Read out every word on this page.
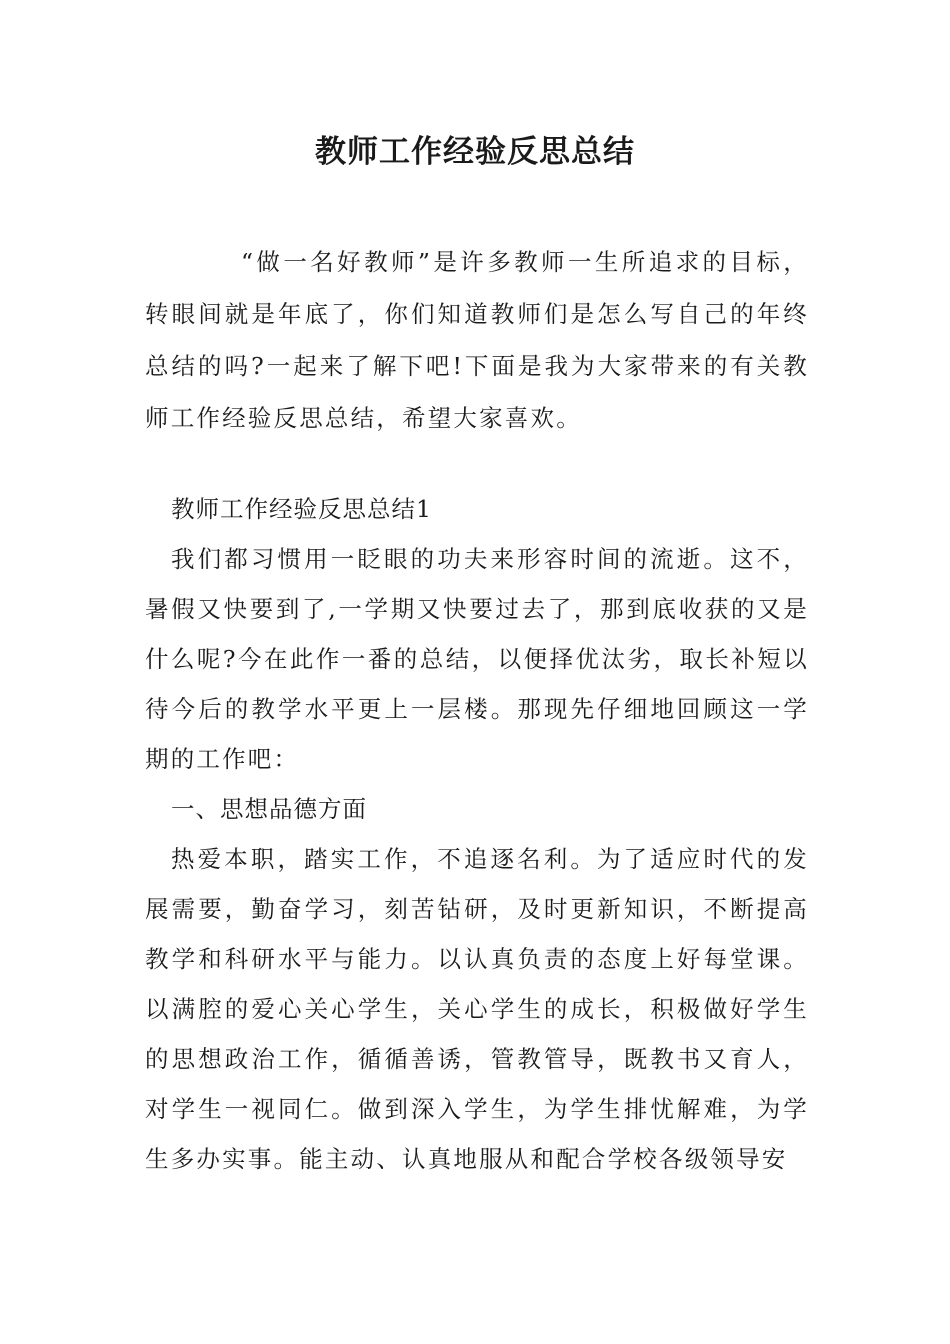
教师工作经验反思总结

“做一名好教师”是许多教师一生所追求的目标，转眼间就是年底了，你们知道教师们是怎么写自己的年终总结的吗?一起来了解下吧!下面是我为大家带来的有关教师工作经验反思总结，希望大家喜欢。

教师工作经验反思总结1

我们都习惯用一眨眼的功夫来形容时间的流逝。这不，暑假又快要到了,一学期又快要过去了，那到底收获的又是什么呢?今在此作一番的总结，以便择优汰劣，取长补短以待今后的教学水平更上一层楼。那现先仔细地回顾这一学期的工作吧：

一、思想品德方面

热爱本职，踏实工作，不追逐名利。为了适应时代的发展需要，勤奋学习，刻苦钻研，及时更新知识，不断提高教学和科研水平与能力。以认真负责的态度上好每堂课。以满腔的爱心关心学生，关心学生的成长，积极做好学生的思想政治工作，循循善诱，管教管导，既教书又育人，对学生一视同仁。做到深入学生，为学生排忧解难，为学生多办实事。能主动、认真地服从和配合学校各级领导安
